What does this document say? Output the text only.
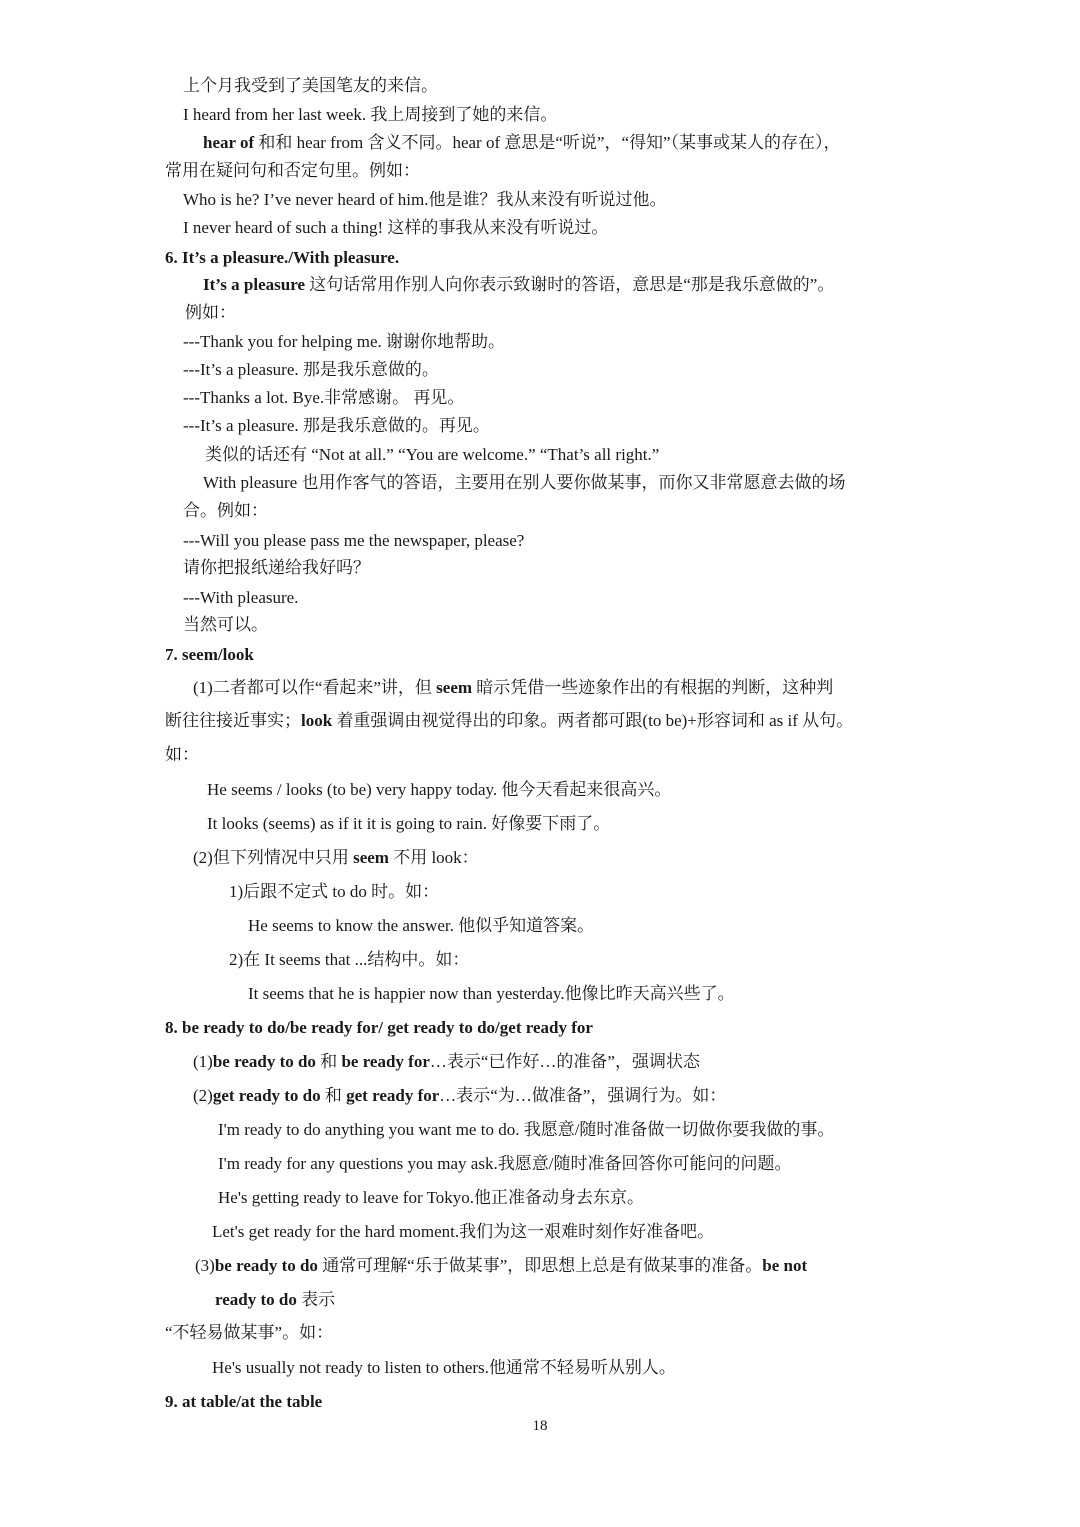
上个月我受到了美国笔友的来信。
I heard from her last week. 我上周接到了她的来信。
hear of 和和 hear from 含义不同。hear of 意思是“听说”，“得知”（某事或某人的存在），
常用在疑问句和否定句里。例如：
Who is he? I’ve never heard of him.他是谁？我从来没有听说过他。
I never heard of such a thing! 这样的事我从来没有听说过。
6. It’s a pleasure./With pleasure.
It’s a pleasure 这句话常用作别人向你表示致谢时的答语，意思是“那是我乐意做的”。
例如：
---Thank you for helping me. 谢谢你地帮助。
---It’s a pleasure. 那是我乐意做的。
---Thanks a lot. Bye.非常感谢。 再见。
---It’s a pleasure. 那是我乐意做的。再见。
类似的话还有 “Not at all.” “You are welcome.” “That’s all right.”
With pleasure 也用作客气的答语，主要用在别人要你做某事，而你又非常愿意去做的场
合。例如：
---Will you please pass me the newspaper, please?
请你把报纸递给我好吗？
---With pleasure.
当然可以。
7. seem/look
(1)二者都可以作“看起来”讲，但 seem 暗示凭借一些迹象作出的有根据的判断，这种判
断往往接近事实；look 着重强调由视觉得出的印象。两者都可跟(to be)+形容词和 as if 从句。
如：
He seems / looks (to be) very happy today. 他今天看起来很高兴。
It looks (seems) as if it it is going to rain. 好像要下雨了。
(2)但下列情况中只用 seem 不用 look：
1)后跟不定式 to do 时。如：
He seems to know the answer. 他似乎知道答案。
2)在 It seems that ...结构中。如：
It seems that he is happier now than yesterday.他像比昨天高兴些了。
8. be ready to do/be ready for/ get ready to do/get ready for
(1)be ready to do 和 be ready for…表示“已作好…的准备”，强调状态
(2)get ready to do 和 get ready for…表示“为…做准备”，强调行为。如：
I'm ready to do anything you want me to do. 我愿意/随时准备做一切做你要我做的事。
I'm ready for any questions you may ask.我愿意/随时准备回答你可能问的问题。
He's getting ready to leave for Tokyo.他正准备动身去东京。
Let's get ready for the hard moment.我们为这一艰难时刻作好准备吧。
(3)be ready to do 通常可理解“乐于做某事”，即思想上总是有做某事的准备。be not
ready to do 表示
“不轻易做某事”。如：
He's usually not ready to listen to others.他通常不轻易听从别人。
9. at table/at the table
18
